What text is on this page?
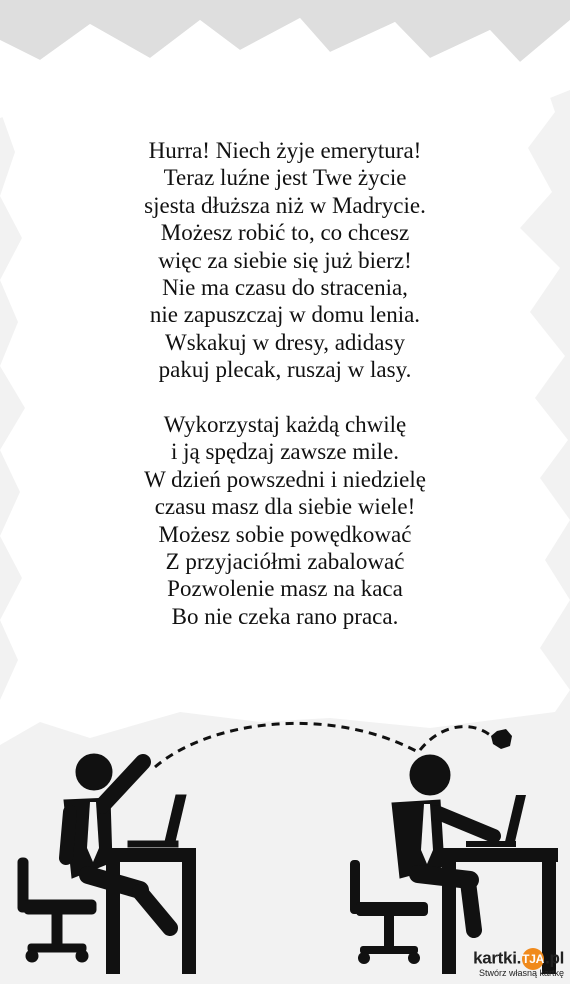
Hurra! Niech żyje emerytura!
Teraz luźne jest Twe życie
sjesta dłuższa niż w Madrycie.
Możesz robić to, co chcesz
więc za siebie się już bierz!
Nie ma czasu do stracenia,
nie zapuszczaj w domu lenia.
Wskakuj w dresy, adidasy
pakuj plecak, ruszaj w lasy.
Wykorzystaj każdą chwilę
i ją spędzaj zawsze mile.
W dzień powszedni i niedzielę
czasu masz dla siebie wiele!
Możesz sobie powędkować
Z przyjaciółmi zabalować
Pozwolenie masz na kaca
Bo nie czeka rano praca.
kartki.TJA.pl
Stwórz własną kartkę
